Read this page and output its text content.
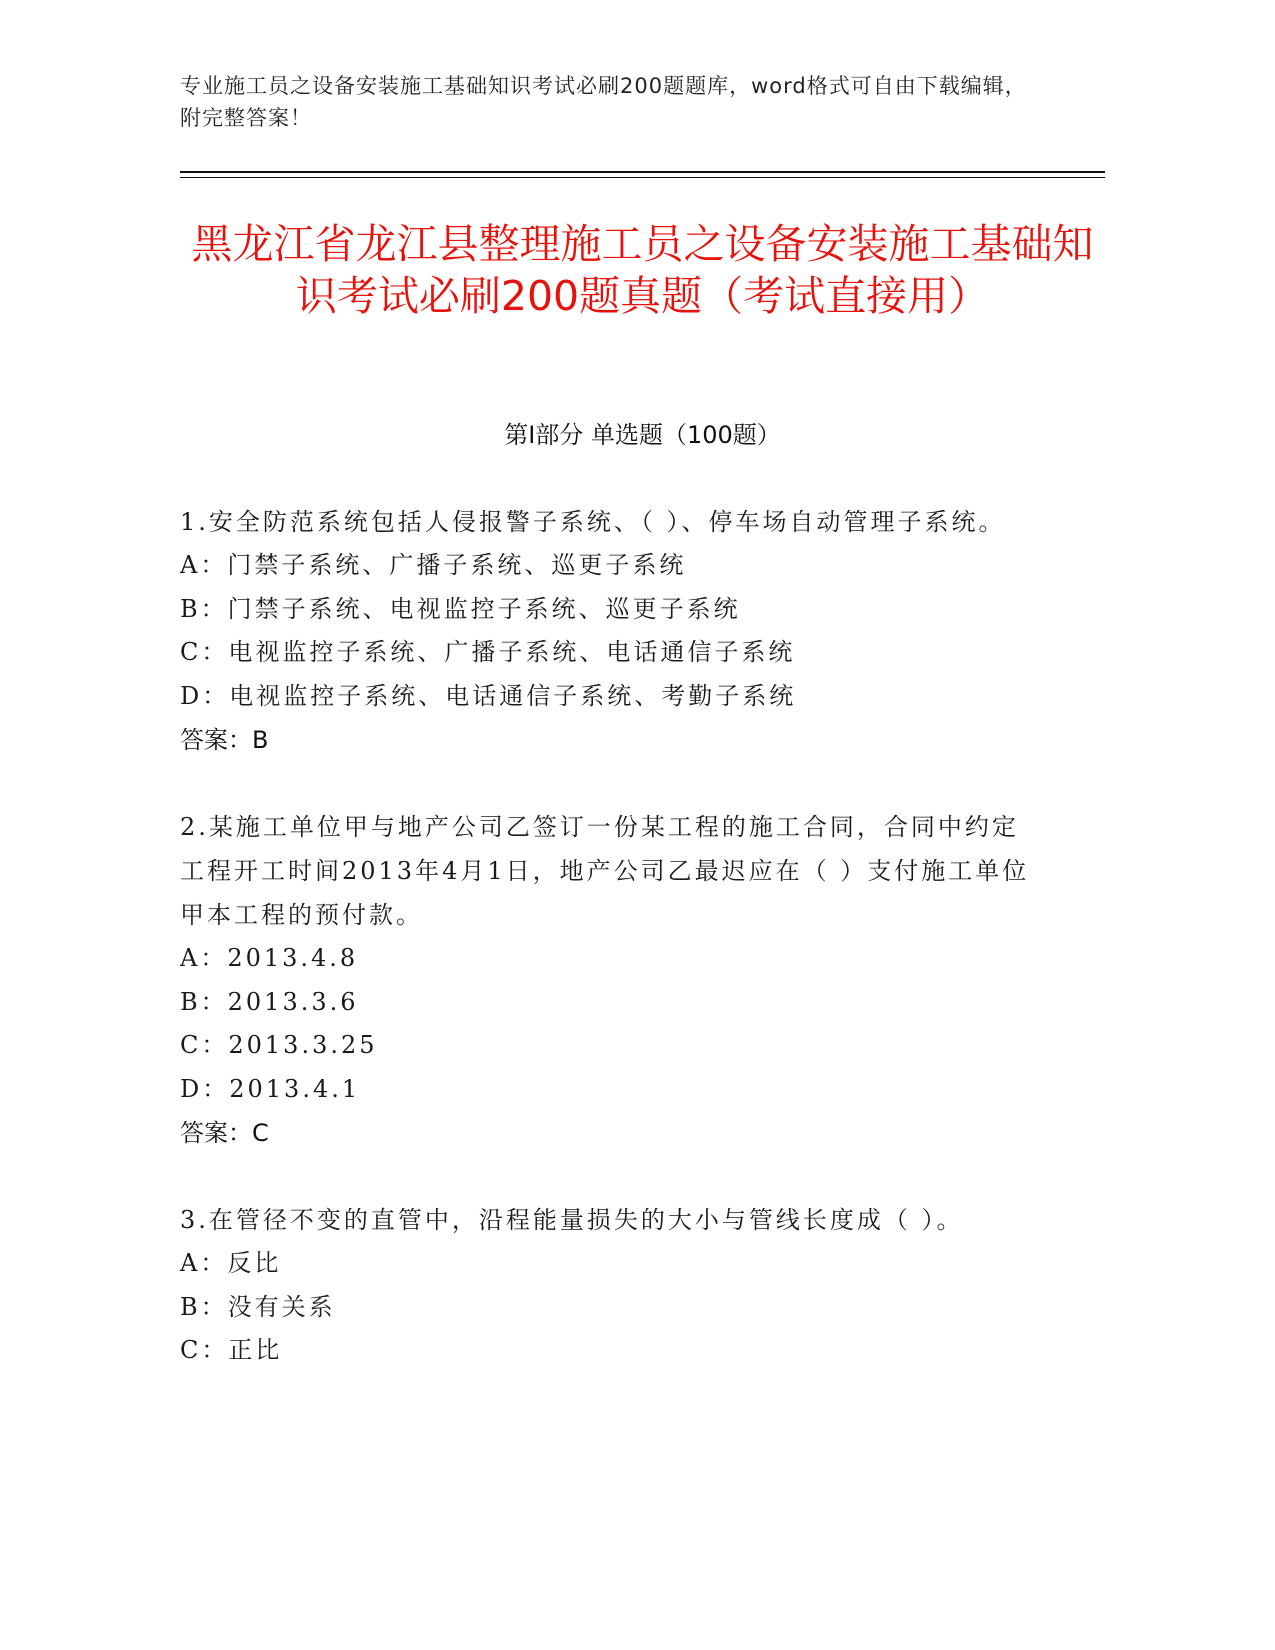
专业施工员之设备安装施工基础知识考试必刷200题题库，word格式可自由下载编辑，附完整答案！
黑龙江省龙江县整理施工员之设备安装施工基础知识考试必刷200题真题（考试直接用）
第Ⅰ部分 单选题（100题）

1.安全防范系统包括人侵报警子系统、（ ）、停车场自动管理子系统。

A：门禁子系统、广播子系统、巡更子系统

B：门禁子系统、电视监控子系统、巡更子系统

C：电视监控子系统、广播子系统、电话通信子系统

D：电视监控子系统、电话通信子系统、考勤子系统

答案：B

2.某施工单位甲与地产公司乙签订一份某工程的施工合同，合同中约定工程开工时间2013年4月1日，地产公司乙最迟应在（ ）支付施工单位甲本工程的预付款。

A：2013.4.8

B：2013.3.6

C：2013.3.25

D：2013.4.1

答案：C

3.在管径不变的直管中，沿程能量损失的大小与管线长度成（ ）。

A：反比

B：没有关系

C：正比
